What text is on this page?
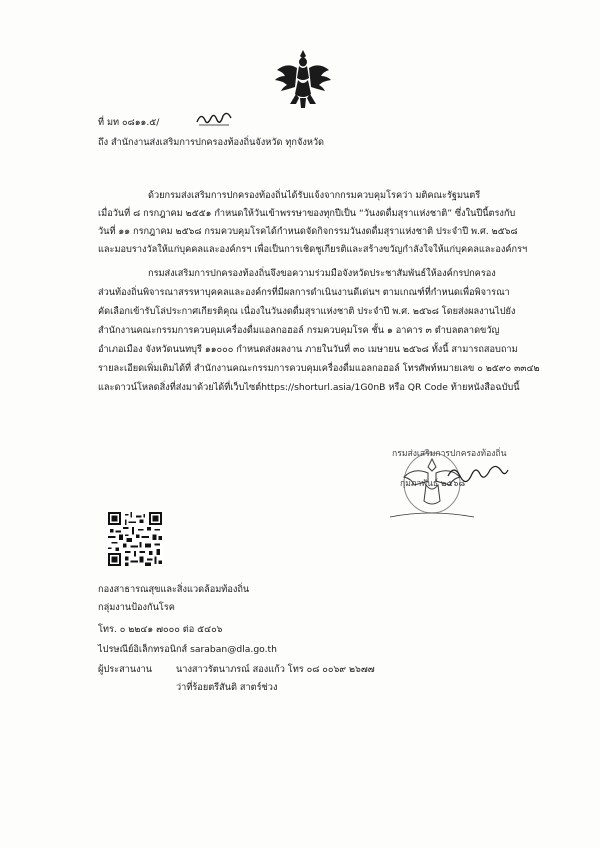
ที่ มท ๐๘๑๑.๕/
ถึง สำนักงานส่งเสริมการปกครองท้องถิ่นจังหวัด ทุกจังหวัด
ด้วยกรมส่งเสริมการปกครองท้องถิ่นได้รับแจ้งจากกรมควบคุมโรคว่า มติคณะรัฐมนตรี
เมื่อวันที่ ๘ กรกฎาคม ๒๕๕๑ กำหนดให้วันเข้าพรรษาของทุกปีเป็น “วันงดดื่มสุราแห่งชาติ” ซึ่งในปีนี้ตรงกับ
วันที่ ๑๑ กรกฎาคม ๒๕๖๘ กรมควบคุมโรคได้กำหนดจัดกิจกรรมวันงดดื่มสุราแห่งชาติ ประจำปี พ.ศ. ๒๕๖๘
และมอบรางวัลให้แก่บุคคลและองค์กรฯ เพื่อเป็นการเชิดชูเกียรติและสร้างขวัญกำลังใจให้แก่บุคคลและองค์กรฯ
กรมส่งเสริมการปกครองท้องถิ่นจึงขอความร่วมมือจังหวัดประชาสัมพันธ์ให้องค์กรปกครอง
ส่วนท้องถิ่นพิจารณาสรรหาบุคคลและองค์กรที่มีผลการดำเนินงานดีเด่นฯ ตามเกณฑ์ที่กำหนดเพื่อพิจารณา
คัดเลือกเข้ารับโล่ประกาศเกียรติคุณ เนื่องในวันงดดื่มสุราแห่งชาติ ประจำปี พ.ศ. ๒๕๖๘ โดยส่งผลงานไปยัง
สำนักงานคณะกรรมการควบคุมเครื่องดื่มแอลกอฮอล์ กรมควบคุมโรค ชั้น ๑ อาคาร ๓ ตำบลตลาดขวัญ
อำเภอเมือง จังหวัดนนทบุรี ๑๑๐๐๐ กำหนดส่งผลงาน ภายในวันที่ ๓๐ เมษายน ๒๕๖๘ ทั้งนี้ สามารถสอบถาม
รายละเอียดเพิ่มเติมได้ที่ สำนักงานคณะกรรมการควบคุมเครื่องดื่มแอลกอฮอล์ โทรศัพท์หมายเลข ๐ ๒๕๙๐ ๓๓๔๒
และดาวน์โหลดสิ่งที่ส่งมาด้วยได้ที่เว็บไซต์https://shorturl.asia/1G0nB หรือ QR Code ท้ายหนังสือฉบับนี้
กรมส่งเสริมการปกครองท้องถิ่น
กุมภาพันธ์ ๒๕๖๘
กองสาธารณสุขและสิ่งแวดล้อมท้องถิ่น
กลุ่มงานป้องกันโรค
โทร. ๐ ๒๒๔๑ ๗๐๐๐ ต่อ ๕๔๐๖
ไปรษณีย์อิเล็กทรอนิกส์ saraban@dla.go.th
ผู้ประสานงาน	นางสาวรัตนาภรณ์ สองแก้ว โทร ๐๘ ๐๐๖๙ ๒๖๗๗
ว่าที่ร้อยตรีสันติ สาตร์ช่วง
